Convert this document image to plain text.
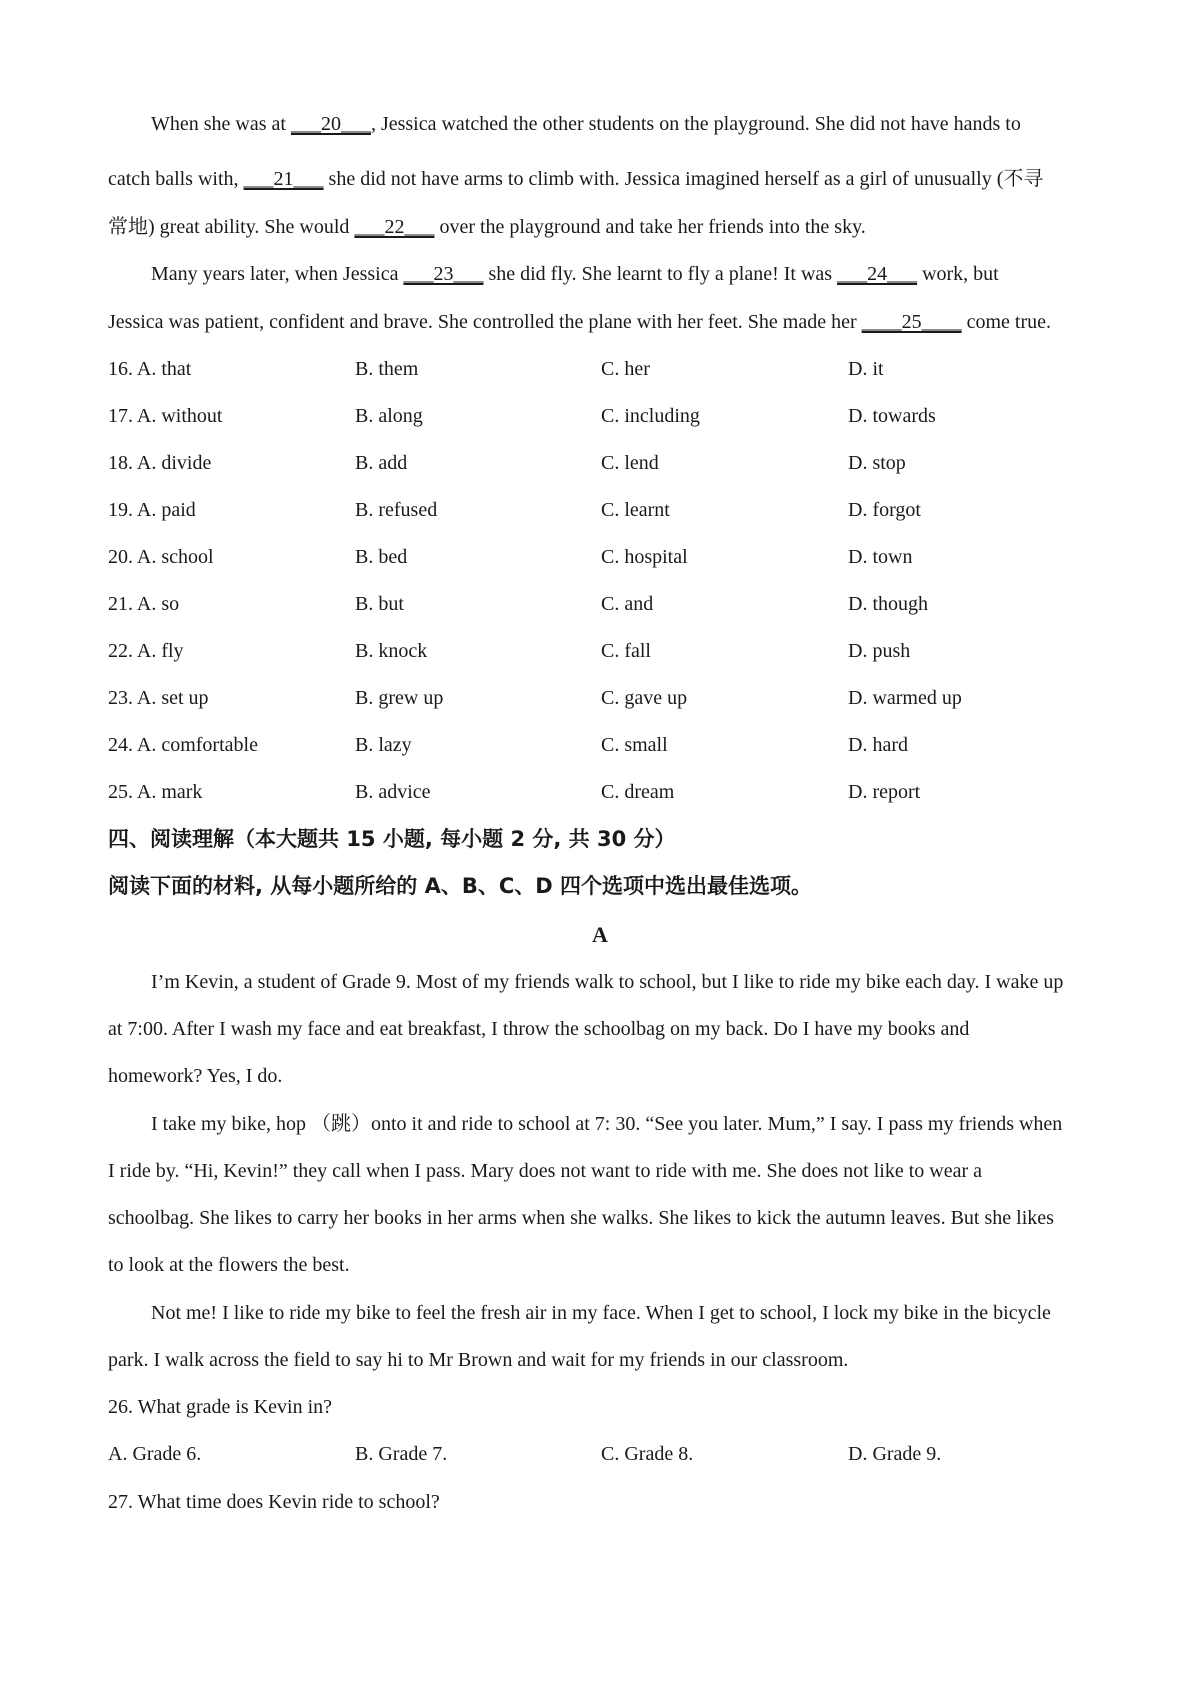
When she was at ___20___, Jessica watched the other students on the playground. She did not have hands to
catch balls with, ___21___ she did not have arms to climb with. Jessica imagined herself as a girl of unusually (不寻
常地) great ability. She would ___22___ over the playground and take her friends into the sky.
Many years later, when Jessica ___23___ she did fly. She learnt to fly a plane! It was ___24___ work, but
Jessica was patient, confident and brave. She controlled the plane with her feet. She made her ____25____ come true.
16. A. that	B. them	C. her	D. it
17. A. without	B. along	C. including	D. towards
18. A. divide	B. add	C. lend	D. stop
19. A. paid	B. refused	C. learnt	D. forgot
20. A. school	B. bed	C. hospital	D. town
21. A. so	B. but	C. and	D. though
22. A. fly	B. knock	C. fall	D. push
23. A. set up	B. grew up	C. gave up	D. warmed up
24. A. comfortable	B. lazy	C. small	D. hard
25. A. mark	B. advice	C. dream	D. report
四、阅读理解（本大题共 15 小题, 每小题 2 分, 共 30 分）
阅读下面的材料, 从每小题所给的 A、B、C、D 四个选项中选出最佳选项。
A
I’m Kevin, a student of Grade 9. Most of my friends walk to school, but I like to ride my bike each day. I wake up
at 7:00. After I wash my face and eat breakfast, I throw the schoolbag on my back. Do I have my books and
homework? Yes, I do.
I take my bike, hop （跳）onto it and ride to school at 7: 30. “See you later. Mum,” I say. I pass my friends when
I ride by. “Hi, Kevin!” they call when I pass. Mary does not want to ride with me. She does not like to wear a
schoolbag. She likes to carry her books in her arms when she walks. She likes to kick the autumn leaves. But she likes
to look at the flowers the best.
Not me! I like to ride my bike to feel the fresh air in my face. When I get to school, I lock my bike in the bicycle
park. I walk across the field to say hi to Mr Brown and wait for my friends in our classroom.
26. What grade is Kevin in?
A. Grade 6.	B. Grade 7.	C. Grade 8.	D. Grade 9.
27. What time does Kevin ride to school?
